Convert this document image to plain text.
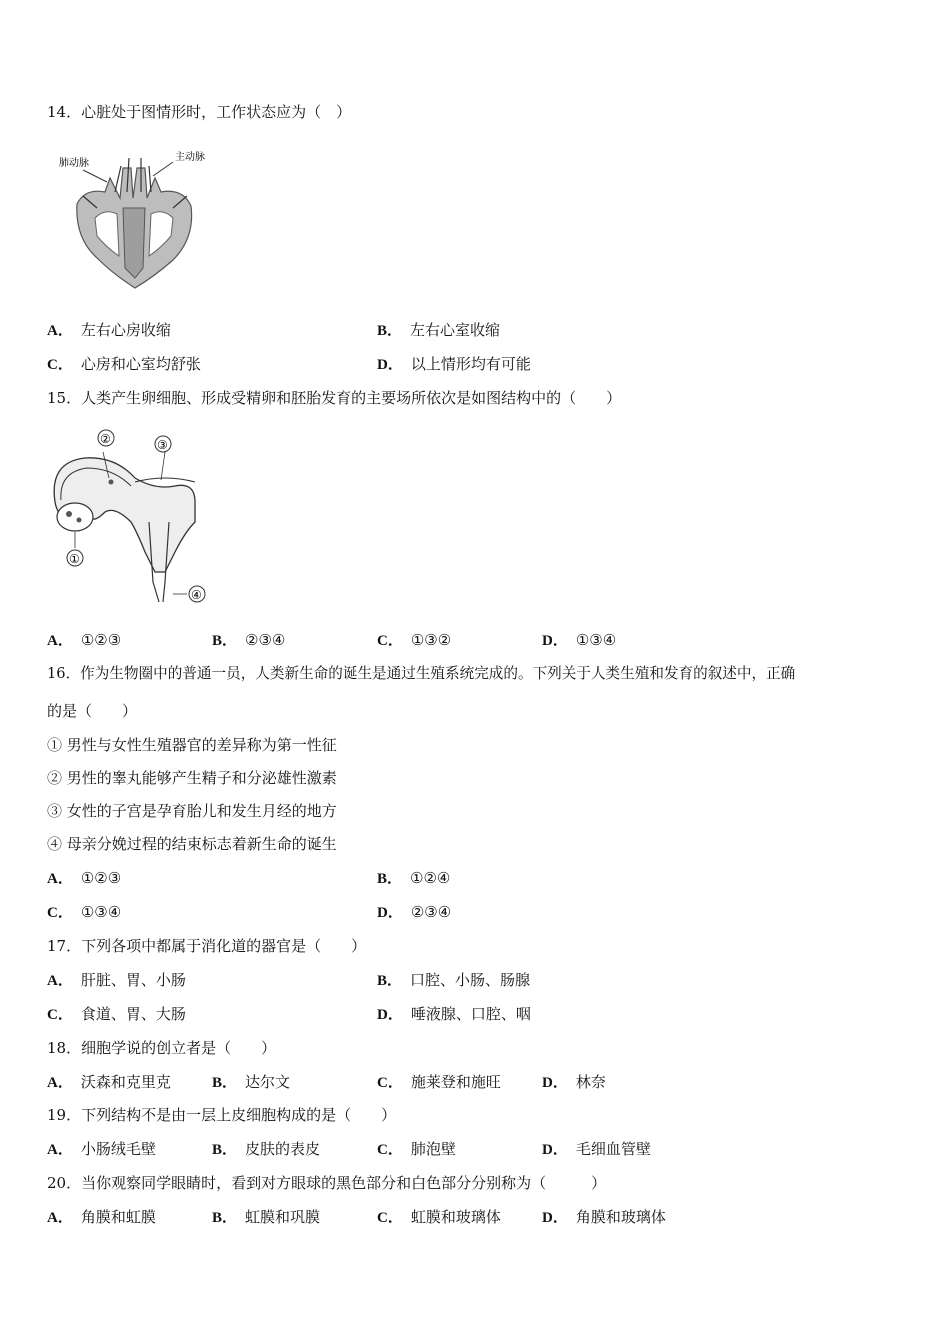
14．心脏处于图情形时，工作状态应为（　）
肺动脉
主动脉
A． 左右心房收缩	B． 左右心室收缩
C． 心房和心室均舒张	D． 以上情形均有可能
15．人类产生卵细胞、形成受精卵和胚胎发育的主要场所依次是如图结构中的（　　）
②	③
①
④
A． ①②③	B． ②③④	C． ①③②	D． ①③④
16．作为生物圈中的普通一员，人类新生命的诞生是通过生殖系统完成的。下列关于人类生殖和发育的叙述中，正确
的是（　　）
① 男性与女性生殖器官的差异称为第一性征
② 男性的睾丸能够产生精子和分泌雄性激素
③ 女性的子宫是孕育胎儿和发生月经的地方
④ 母亲分娩过程的结束标志着新生命的诞生
A． ①②③	B． ①②④
C． ①③④	D． ②③④
17．下列各项中都属于消化道的器官是（　　）
A． 肝脏、胃、小肠	B． 口腔、小肠、肠腺
C． 食道、胃、大肠	D． 唾液腺、口腔、咽
18．细胞学说的创立者是（　　）
A． 沃森和克里克	B． 达尔文	C． 施莱登和施旺	D． 林奈
19．下列结构不是由一层上皮细胞构成的是（　　）
A． 小肠绒毛壁	B． 皮肤的表皮	C． 肺泡壁	D． 毛细血管壁
20．当你观察同学眼睛时，看到对方眼球的黑色部分和白色部分分别称为（　　　）
A． 角膜和虹膜	B． 虹膜和巩膜	C． 虹膜和玻璃体	D． 角膜和玻璃体
